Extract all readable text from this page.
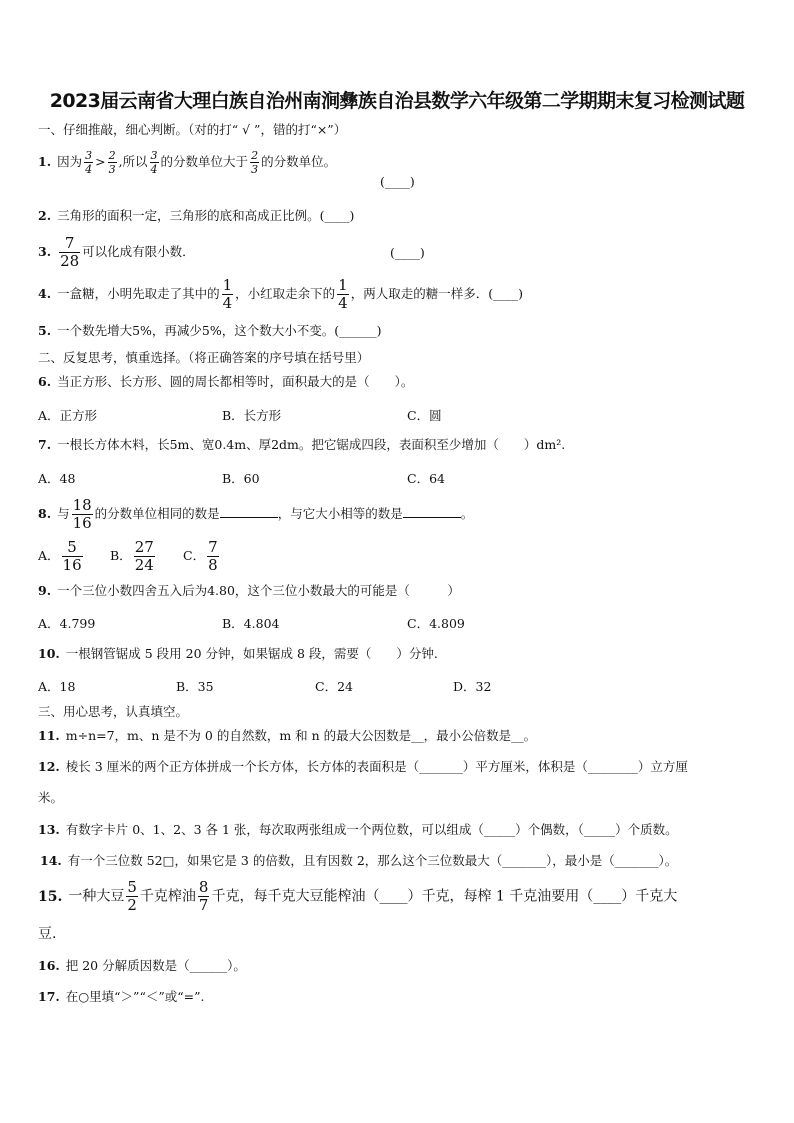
2023届云南省大理白族自治州南涧彝族自治县数学六年级第二学期期末复习检测试题
一、仔细推敲，细心判断。（对的打“ √ ”，错的打“×”）
1. 因为 $\frac{3}{4} > \frac{2}{3}$ ,所以 $\frac{3}{4}$ 的分数单位大于 $\frac{2}{3}$ 的分数单位。
(____)
2. 三角形的面积一定，三角形的底和高成正比例。(____)
3. $\frac{7}{28}$ 可以化成有限小数．	(____)
4. 一盒糖，小明先取走了其中的 $\frac{1}{4}$ ，小红取走余下的 $\frac{1}{4}$ ，两人取走的糖一样多．(____)
5. 一个数先增大5%，再减少5%，这个数大小不变。(______)
二、反复思考，慎重选择。（将正确答案的序号填在括号里）
6. 当正方形、长方形、圆的周长都相等时，面积最大的是（　　）。
A．正方形	B．长方形	C．圆
7. 一根长方体木料，长5m、宽0.4m、厚2dm。把它锯成四段，表面积至少增加（　　）dm².
A．48	B．60	C．64
8. 与 $\frac{18}{16}$ 的分数单位相同的数是	，与它大小相等的数是	。
A． $\frac{5}{16}$ B． $\frac{27}{24}$ C． $\frac{7}{8}$
9. 一个三位小数四舍五入后为4.80，这个三位小数最大的可能是（　　　）
A．4.799	B．4.804	C．4.809
10. 一根钢管锯成 5 段用 20 分钟，如果锯成 8 段，需要（　　）分钟.
A．18	B．35	C．24	D．32
三、用心思考，认真填空。
11. m÷n=7，m、n 是不为 0 的自然数，m 和 n 的最大公因数是__，最小公倍数是__。
12. 棱长 3 厘米的两个正方体拼成一个长方体，长方体的表面积是（_______）平方厘米，体积是（________）立方厘
米。
13. 有数字卡片 0、1、2、3 各 1 张，每次取两张组成一个两位数，可以组成（_____）个偶数，（_____）个质数。
14. 有一个三位数 52□，如果它是 3 的倍数，且有因数 2，那么这个三位数最大（_______），最小是（_______）。
15. 一种大豆 $\frac{5}{2}$ 千克榨油 $\frac{8}{7}$ 千克，每千克大豆能榨油（____）千克，每榨 1 千克油要用（____）千克大
豆.
16. 把 20 分解质因数是（______）。
17. 在○里填“＞”“＜”或“=”.
